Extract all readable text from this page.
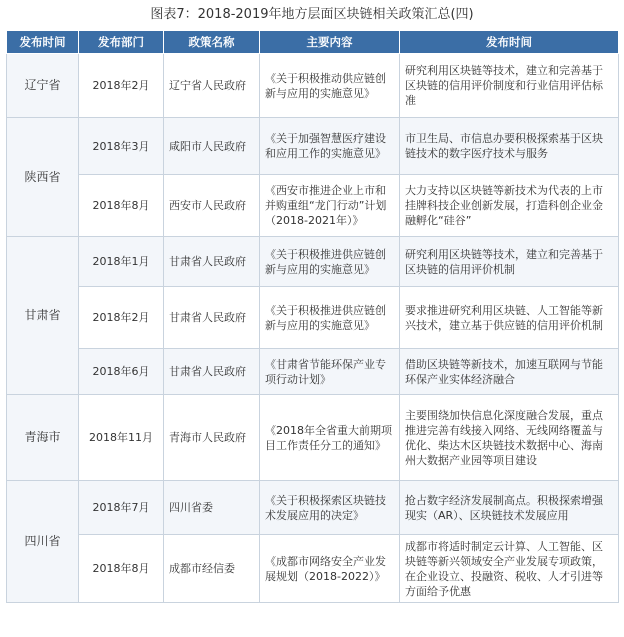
图表7：2018-2019年地方层面区块链相关政策汇总(四)
发布时间	发布部门	政策名称	主要内容	发布时间
辽宁省	2018年2月	辽宁省人民政府	《关于积极推动供应链创新与应用的实施意见》	研究利用区块链等技术，建立和完善基于区块链的信用评价制度和行业信用评估标准
陕西省	2018年3月	咸阳市人民政府	《关于加强智慧医疗建设和应用工作的实施意见》	市卫生局、市信息办要积极探索基于区块链技术的数字医疗技术与服务
	2018年8月	西安市人民政府	《西安市推进企业上市和并购重组“龙门行动”计划（2018-2021年）》	大力支持以区块链等新技术为代表的上市挂牌科技企业创新发展，打造科创企业金融孵化“硅谷”
甘肃省	2018年1月	甘肃省人民政府	《关于积极推进供应链创新与应用的实施意见》	研究利用区块链等技术，建立和完善基于区块链的信用评价机制
	2018年2月	甘肃省人民政府	《关于积极推进供应链创新与应用的实施意见》	要求推进研究利用区块链、人工智能等新兴技术，建立基于供应链的信用评价机制
	2018年6月	甘肃省人民政府	《甘肃省节能环保产业专项行动计划》	借助区块链等新技术，加速互联网与节能环保产业实体经济融合
青海市	2018年11月	青海市人民政府	《2018年全省重大前期项目工作责任分工的通知》	主要围绕加快信息化深度融合发展，重点推进完善有线接入网络、无线网络覆盖与优化、柴达木区块链技术数据中心、海南州大数据产业园等项目建设
四川省	2018年7月	四川省委	《关于积极探索区块链技术发展应用的决定》	抢占数字经济发展制高点。积极探索增强现实（AR）、区块链技术发展应用
	2018年8月	成都市经信委	《成都市网络安全产业发展规划（2018-2022）》	成都市将适时制定云计算、人工智能、区块链等新兴领域安全产业发展专项政策，在企业设立、投融资、税收、人才引进等方面给予优惠
